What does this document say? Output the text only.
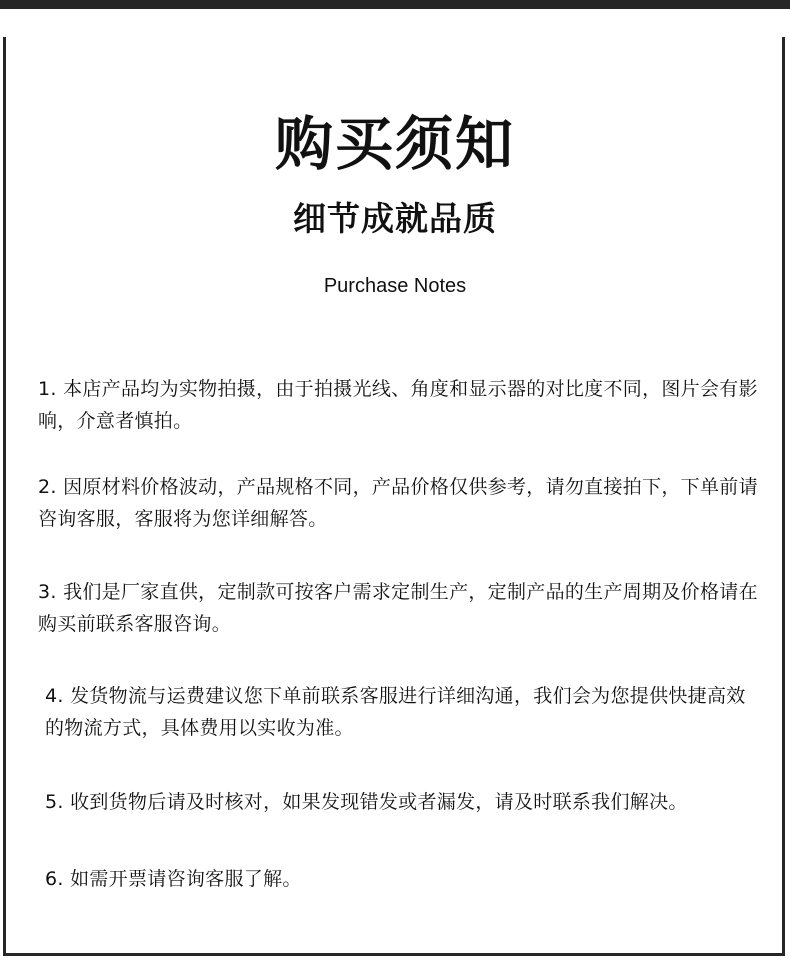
购买须知
细节成就品质
Purchase Notes
1. 本店产品均为实物拍摄，由于拍摄光线、角度和显示器的对比度不同，图片会有影响，介意者慎拍。
2. 因原材料价格波动，产品规格不同，产品价格仅供参考，请勿直接拍下，下单前请咨询客服，客服将为您详细解答。
3. 我们是厂家直供，定制款可按客户需求定制生产，定制产品的生产周期及价格请在购买前联系客服咨询。
4. 发货物流与运费建议您下单前联系客服进行详细沟通，我们会为您提供快捷高效的物流方式，具体费用以实收为准。
5. 收到货物后请及时核对，如果发现错发或者漏发，请及时联系我们解决。
6. 如需开票请咨询客服了解。
